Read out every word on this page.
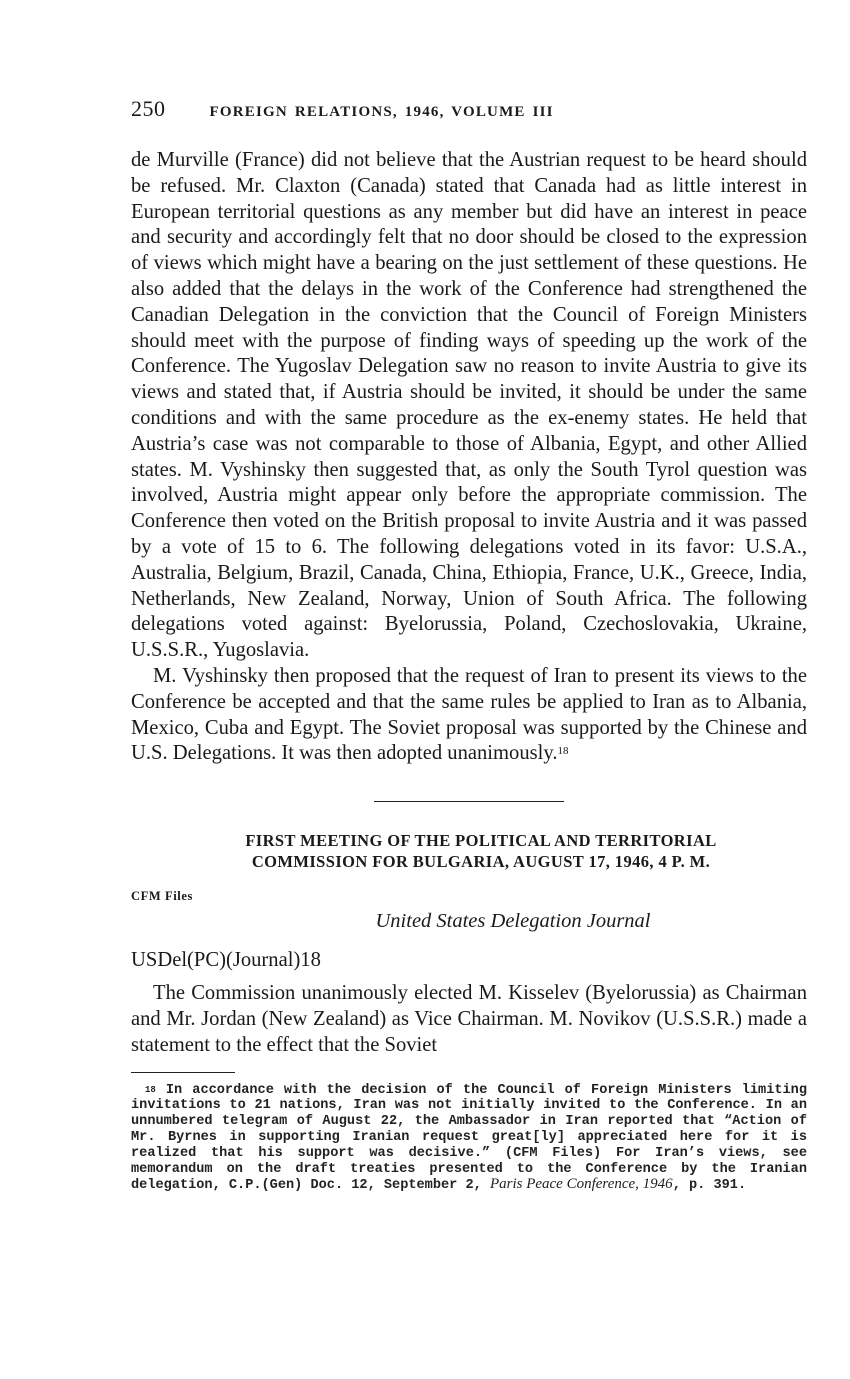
250	FOREIGN RELATIONS, 1946, VOLUME III

de Murville (France) did not believe that the Austrian request to be heard should be refused. Mr. Claxton (Canada) stated that Canada had as little interest in European territorial questions as any member but did have an interest in peace and security and accordingly felt that no door should be closed to the expression of views which might have a bearing on the just settlement of these questions. He also added that the delays in the work of the Conference had strengthened the Canadian Delegation in the conviction that the Council of Foreign Ministers should meet with the purpose of finding ways of speeding up the work of the Conference. The Yugoslav Delegation saw no reason to invite Austria to give its views and stated that, if Austria should be invited, it should be under the same conditions and with the same procedure as the ex-enemy states. He held that Austria’s case was not comparable to those of Albania, Egypt, and other Allied states. M. Vyshinsky then suggested that, as only the South Tyrol question was involved, Austria might appear only before the appropriate commission. The Conference then voted on the British proposal to invite Austria and it was passed by a vote of 15 to 6. The following delegations voted in its favor: U.S.A., Australia, Belgium, Brazil, Canada, China, Ethiopia, France, U.K., Greece, India, Netherlands, New Zealand, Norway, Union of South Africa. The following delegations voted against: Byelorussia, Poland, Czechoslovakia, Ukraine, U.S.S.R., Yugoslavia.

M. Vyshinsky then proposed that the request of Iran to present its views to the Conference be accepted and that the same rules be applied to Iran as to Albania, Mexico, Cuba and Egypt. The Soviet proposal was supported by the Chinese and U.S. Delegations. It was then adopted unanimously.$^{18}$

FIRST MEETING OF THE POLITICAL AND TERRITORIAL
COMMISSION FOR BULGARIA, AUGUST 17, 1946, 4 P. M.
CFM Files
United States Delegation Journal
USDel(PC)(Journal)18

The Commission unanimously elected M. Kisselev (Byelorussia) as Chairman and Mr. Jordan (New Zealand) as Vice Chairman. M. Novikov (U.S.S.R.) made a statement to the effect that the Soviet

$^{18}$ In accordance with the decision of the Council of Foreign Ministers limiting invitations to 21 nations, Iran was not initially invited to the Conference. In an unnumbered telegram of August 22, the Ambassador in Iran reported that “Action of Mr. Byrnes in supporting Iranian request great[ly] appreciated here for it is realized that his support was decisive.” (CFM Files) For Iran’s views, see memorandum on the draft treaties presented to the Conference by the Iranian delegation, C.P.(Gen) Doc. 12, September 2, Paris Peace Conference, 1946, p. 391.
